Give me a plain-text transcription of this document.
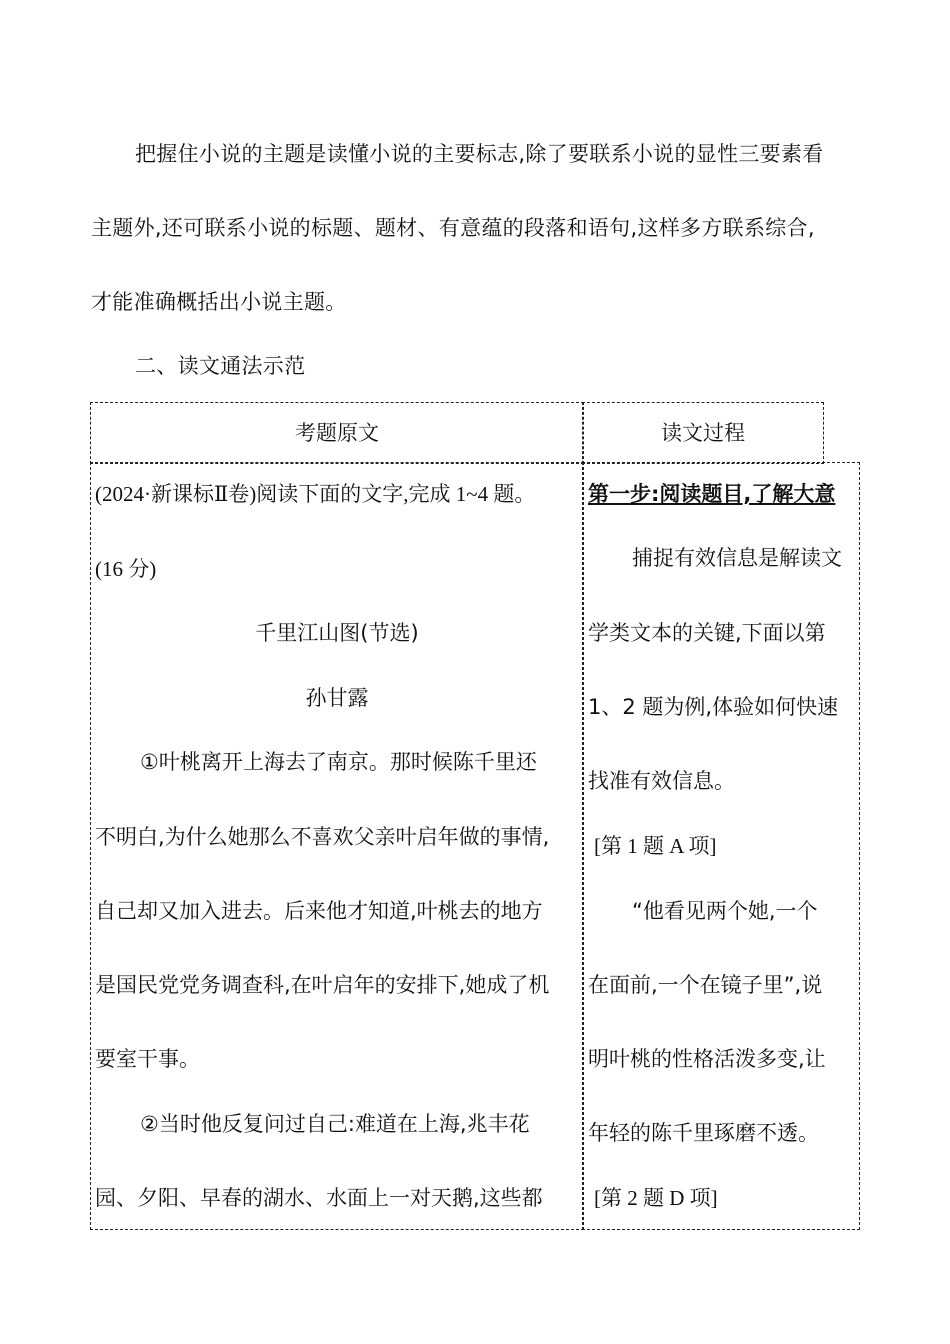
把握住小说的主题是读懂小说的主要标志,除了要联系小说的显性三要素看

主题外,还可联系小说的标题、题材、有意蕴的段落和语句,这样多方联系综合,

才能准确概括出小说主题。

二、读文通法示范

考题原文	读文过程

(2024·新课标Ⅱ卷)阅读下面的文字,完成 1~4 题。

(16 分)

千里江山图(节选)

孙甘露

①叶桃离开上海去了南京。那时候陈千里还

不明白,为什么她那么不喜欢父亲叶启年做的事情,

自己却又加入进去。后来他才知道,叶桃去的地方

是国民党党务调查科,在叶启年的安排下,她成了机

要室干事。

②当时他反复问过自己:难道在上海,兆丰花

园、夕阳、早春的湖水、水面上一对天鹅,这些都

第一步:阅读题目,了解大意

捕捉有效信息是解读文

学类文本的关键,下面以第

1、2 题为例,体验如何快速

找准有效信息。

[第 1 题 A 项]

“他看见两个她,一个

在面前,一个在镜子里”,说

明叶桃的性格活泼多变,让

年轻的陈千里琢磨不透。

[第 2 题 D 项]
